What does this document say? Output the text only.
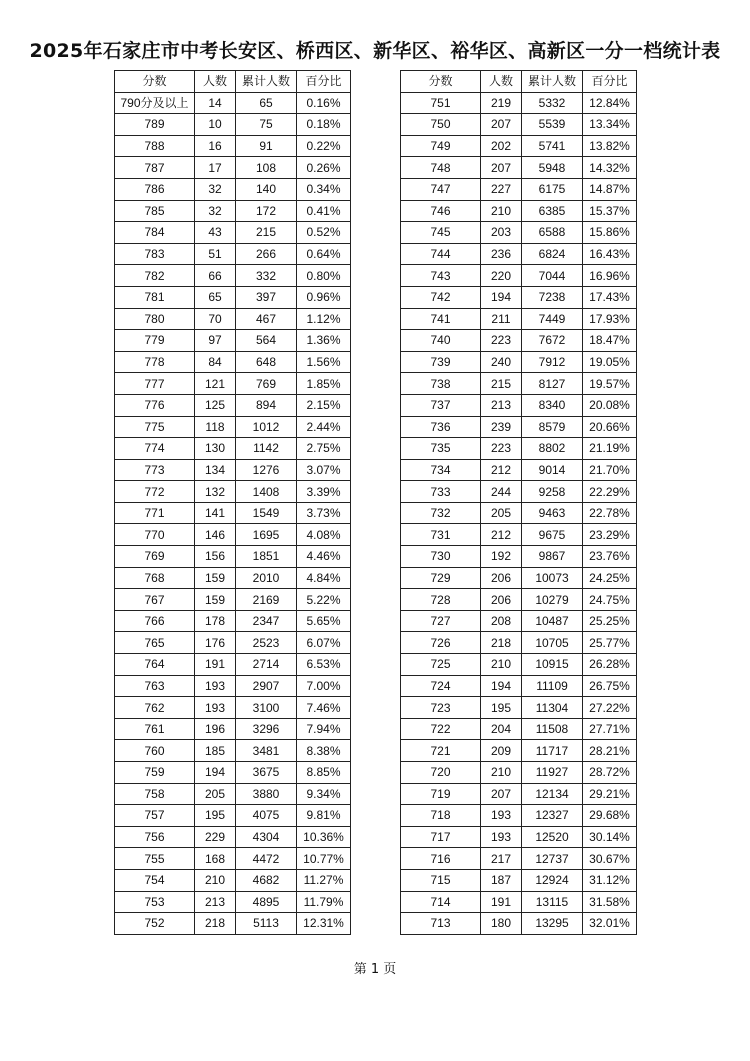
2025年石家庄市中考长安区、桥西区、新华区、裕华区、高新区一分一档统计表
分数	人数	累计人数	百分比
790分及以上	14	65	0.16%
789	10	75	0.18%
788	16	91	0.22%
787	17	108	0.26%
786	32	140	0.34%
785	32	172	0.41%
784	43	215	0.52%
783	51	266	0.64%
782	66	332	0.80%
781	65	397	0.96%
780	70	467	1.12%
779	97	564	1.36%
778	84	648	1.56%
777	121	769	1.85%
776	125	894	2.15%
775	118	1012	2.44%
774	130	1142	2.75%
773	134	1276	3.07%
772	132	1408	3.39%
771	141	1549	3.73%
770	146	1695	4.08%
769	156	1851	4.46%
768	159	2010	4.84%
767	159	2169	5.22%
766	178	2347	5.65%
765	176	2523	6.07%
764	191	2714	6.53%
763	193	2907	7.00%
762	193	3100	7.46%
761	196	3296	7.94%
760	185	3481	8.38%
759	194	3675	8.85%
758	205	3880	9.34%
757	195	4075	9.81%
756	229	4304	10.36%
755	168	4472	10.77%
754	210	4682	11.27%
753	213	4895	11.79%
752	218	5113	12.31%
分数	人数	累计人数	百分比
751	219	5332	12.84%
750	207	5539	13.34%
749	202	5741	13.82%
748	207	5948	14.32%
747	227	6175	14.87%
746	210	6385	15.37%
745	203	6588	15.86%
744	236	6824	16.43%
743	220	7044	16.96%
742	194	7238	17.43%
741	211	7449	17.93%
740	223	7672	18.47%
739	240	7912	19.05%
738	215	8127	19.57%
737	213	8340	20.08%
736	239	8579	20.66%
735	223	8802	21.19%
734	212	9014	21.70%
733	244	9258	22.29%
732	205	9463	22.78%
731	212	9675	23.29%
730	192	9867	23.76%
729	206	10073	24.25%
728	206	10279	24.75%
727	208	10487	25.25%
726	218	10705	25.77%
725	210	10915	26.28%
724	194	11109	26.75%
723	195	11304	27.22%
722	204	11508	27.71%
721	209	11717	28.21%
720	210	11927	28.72%
719	207	12134	29.21%
718	193	12327	29.68%
717	193	12520	30.14%
716	217	12737	30.67%
715	187	12924	31.12%
714	191	13115	31.58%
713	180	13295	32.01%
第 1 页
